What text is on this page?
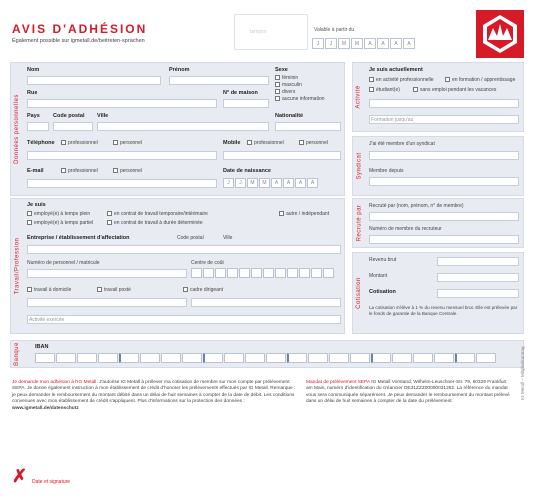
AVIS D'ADHÉSION
Également possible sur igmetall.de/beitreten-sprachen
tampon	Valable à partir du
J	J	M	M	A	A	A	A
Données personnelles
Nom	Prénom	Sexe
féminin
masculin
divers
aucune information
Rue	N° de maison
Pays Code postal Ville	Nationalité
Téléphone	professionnel	personnel	Mobile	professionnel	personnel
E-mail	professionnel	personnel	Date de naissance
J	J	M	M	A	A	A	A
Activité
Je suis actuellement
en activité professionnelle	en formation / apprentissage
étudiant(e)	sans emploi pendant les vacances
Formation jusqu'au
Syndicat
J'ai été membre d'un syndicat
Membre depuis
Travail/Profession
Je suis
employé(e) à temps plein
employé(e) à temps partiel
en contrat de travail temporaire/intérimaire
en contrat de travail à durée déterminée
autre / indépendant
Entreprise / établissement d'affectation	Code postal	Ville
Numéro de personnel / matricule	Centre de coût
travail à domicile	travail posté	cadre dirigeant
Activité exercée
Recruté par Recruté par (nom, prénom, n° de membre)
Numéro de membre du recruteur
Cotisation
Revenu brut
Montant
Cotisation
La cotisation s'élève à 1 % du revenu mensuel brut. Elle est prélevée par le fonds de garantie de la Banque Centrale.
Banque	IBAN
Je demande mon adhésion à l'IG Metall. J'autorise IG Metall à prélever ma cotisation de membre sur mon compte par prélèvement SEPA. Je donne également instruction à mon établissement de crédit d'honorer les prélèvements effectués par IG Metall. Remarque : je peux demander le remboursement du montant débité dans un délai de huit semaines à compter de la date de débit. Les conditions convenues avec mon établissement de crédit s'appliquent. Plus d'informations sur la protection des données : www.igmetall.de/datenschutz
Mandat de prélèvement SEPA IG Metall Vorstand, Wilhelm-Leuschner-Str. 79, 60329 Frankfurt am Main, numéro d'identification du créancier DE31ZZZ00000031262. La référence du mandat vous sera communiquée séparément. Je peux demander le remboursement du montant prélevé dans un délai de huit semaines à compter de la date du prélèvement.
✗ Date et signature
IG Metall – Mitgliedsantrag
